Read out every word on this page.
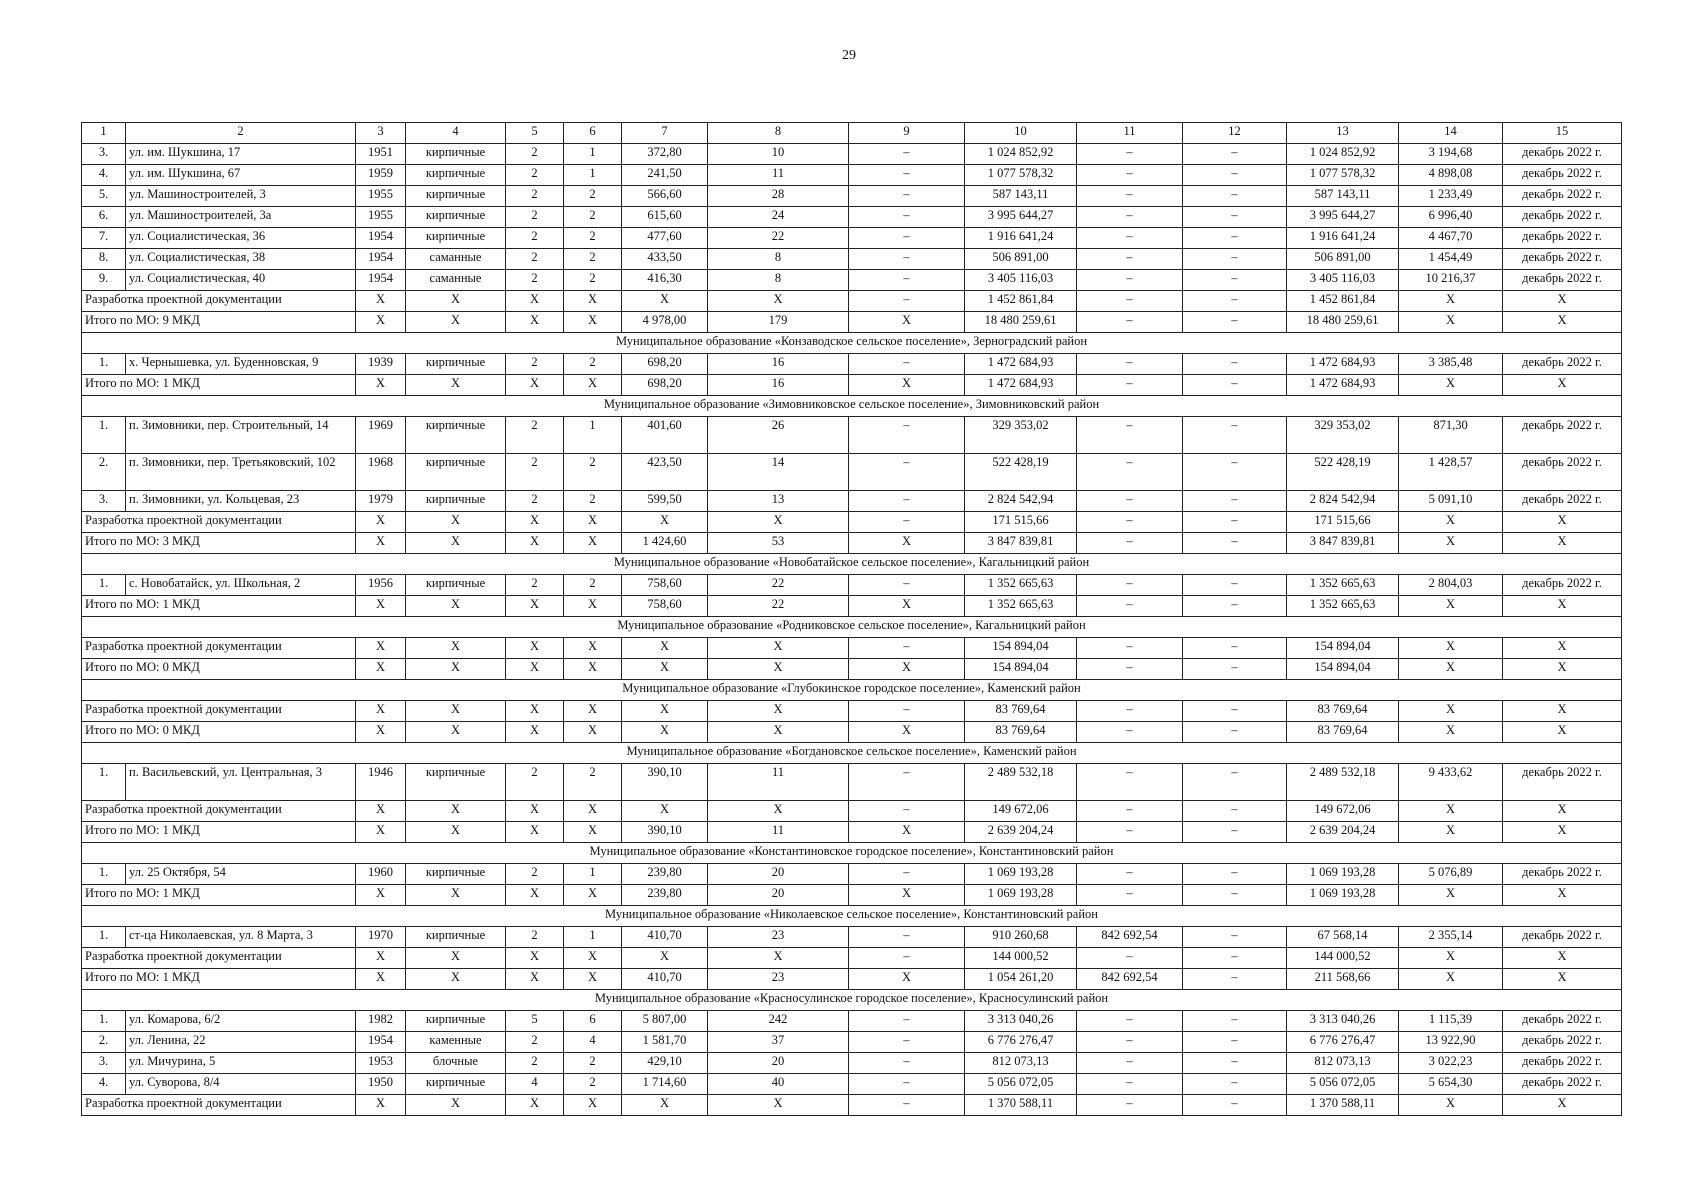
29
1	2	3	4	5	6	7	8	9	10	11	12	13	14	15
3.	ул. им. Шукшина, 17	1951	кирпичные	2	1	372,80	10	–	1 024 852,92	–	–	1 024 852,92	3 194,68	декабрь 2022 г.
4.	ул. им. Шукшина, 67	1959	кирпичные	2	1	241,50	11	–	1 077 578,32	–	–	1 077 578,32	4 898,08	декабрь 2022 г.
5.	ул. Машиностроителей, 3	1955	кирпичные	2	2	566,60	28	–	587 143,11	–	–	587 143,11	1 233,49	декабрь 2022 г.
6.	ул. Машиностроителей, 3а	1955	кирпичные	2	2	615,60	24	–	3 995 644,27	–	–	3 995 644,27	6 996,40	декабрь 2022 г.
7.	ул. Социалистическая, 36	1954	кирпичные	2	2	477,60	22	–	1 916 641,24	–	–	1 916 641,24	4 467,70	декабрь 2022 г.
8.	ул. Социалистическая, 38	1954	саманные	2	2	433,50	8	–	506 891,00	–	–	506 891,00	1 454,49	декабрь 2022 г.
9.	ул. Социалистическая, 40	1954	саманные	2	2	416,30	8	–	3 405 116,03	–	–	3 405 116,03	10 216,37	декабрь 2022 г.
Разработка проектной документации		X	X	X	X	X	X	–	1 452 861,84	–	–	1 452 861,84	X	X
Итого по МО: 9 МКД		X	X	X	X	4 978,00	179	X	18 480 259,61	–	–	18 480 259,61	X	X
Муниципальное образование «Конзаводское сельское поселение», Зерноградский район														
1.	х. Чернышевка, ул. Буденновская, 9	1939	кирпичные	2	2	698,20	16	–	1 472 684,93	–	–	1 472 684,93	3 385,48	декабрь 2022 г.
Итого по МО: 1 МКД		X	X	X	X	698,20	16	X	1 472 684,93	–	–	1 472 684,93	X	X
Муниципальное образование «Зимовниковское сельское поселение», Зимовниковский район														
1.	п. Зимовники, пер. Строительный, 14	1969	кирпичные	2	1	401,60	26	–	329 353,02	–	–	329 353,02	871,30	декабрь 2022 г.
2.	п. Зимовники, пер. Третьяковский, 102	1968	кирпичные	2	2	423,50	14	–	522 428,19	–	–	522 428,19	1 428,57	декабрь 2022 г.
3.	п. Зимовники, ул. Кольцевая, 23	1979	кирпичные	2	2	599,50	13	–	2 824 542,94	–	–	2 824 542,94	5 091,10	декабрь 2022 г.
Разработка проектной документации		X	X	X	X	X	X	–	171 515,66	–	–	171 515,66	X	X
Итого по МО: 3 МКД		X	X	X	X	1 424,60	53	X	3 847 839,81	–	–	3 847 839,81	X	X
Муниципальное образование «Новобатайское сельское поселение», Кагальницкий район														
1.	с. Новобатайск, ул. Школьная, 2	1956	кирпичные	2	2	758,60	22	–	1 352 665,63	–	–	1 352 665,63	2 804,03	декабрь 2022 г.
Итого по МО: 1 МКД		X	X	X	X	758,60	22	X	1 352 665,63	–	–	1 352 665,63	X	X
Муниципальное образование «Родниковское сельское поселение», Кагальницкий район														
Разработка проектной документации		X	X	X	X	X	X	–	154 894,04	–	–	154 894,04	X	X
Итого по МО: 0 МКД		X	X	X	X	X	X	X	154 894,04	–	–	154 894,04	X	X
Муниципальное образование «Глубокинское городское поселение», Каменский район														
Разработка проектной документации		X	X	X	X	X	X	–	83 769,64	–	–	83 769,64	X	X
Итого по МО: 0 МКД		X	X	X	X	X	X	X	83 769,64	–	–	83 769,64	X	X
Муниципальное образование «Богдановское сельское поселение», Каменский район														
1.	п. Васильевский, ул. Центральная, 3	1946	кирпичные	2	2	390,10	11	–	2 489 532,18	–	–	2 489 532,18	9 433,62	декабрь 2022 г.
Разработка проектной документации		X	X	X	X	X	X	–	149 672,06	–	–	149 672,06	X	X
Итого по МО: 1 МКД		X	X	X	X	390,10	11	X	2 639 204,24	–	–	2 639 204,24	X	X
Муниципальное образование «Константиновское городское поселение», Константиновский район														
1.	ул. 25 Октября, 54	1960	кирпичные	2	1	239,80	20	–	1 069 193,28	–	–	1 069 193,28	5 076,89	декабрь 2022 г.
Итого по МО: 1 МКД		X	X	X	X	239,80	20	X	1 069 193,28	–	–	1 069 193,28	X	X
Муниципальное образование «Николаевское сельское поселение», Константиновский район														
1.	ст-ца Николаевская, ул. 8 Марта, 3	1970	кирпичные	2	1	410,70	23	–	910 260,68	842 692,54	–	67 568,14	2 355,14	декабрь 2022 г.
Разработка проектной документации		X	X	X	X	X	X	–	144 000,52	–	–	144 000,52	X	X
Итого по МО: 1 МКД		X	X	X	X	410,70	23	X	1 054 261,20	842 692,54	–	211 568,66	X	X
Муниципальное образование «Красносулинское городское поселение», Красносулинский район														
1.	ул. Комарова, 6/2	1982	кирпичные	5	6	5 807,00	242	–	3 313 040,26	–	–	3 313 040,26	1 115,39	декабрь 2022 г.
2.	ул. Ленина, 22	1954	каменные	2	4	1 581,70	37	–	6 776 276,47	–	–	6 776 276,47	13 922,90	декабрь 2022 г.
3.	ул. Мичурина, 5	1953	блочные	2	2	429,10	20	–	812 073,13	–	–	812 073,13	3 022,23	декабрь 2022 г.
4.	ул. Суворова, 8/4	1950	кирпичные	4	2	1 714,60	40	–	5 056 072,05	–	–	5 056 072,05	5 654,30	декабрь 2022 г.
Разработка проектной документации		X	X	X	X	X	X	–	1 370 588,11	–	–	1 370 588,11	X	X
